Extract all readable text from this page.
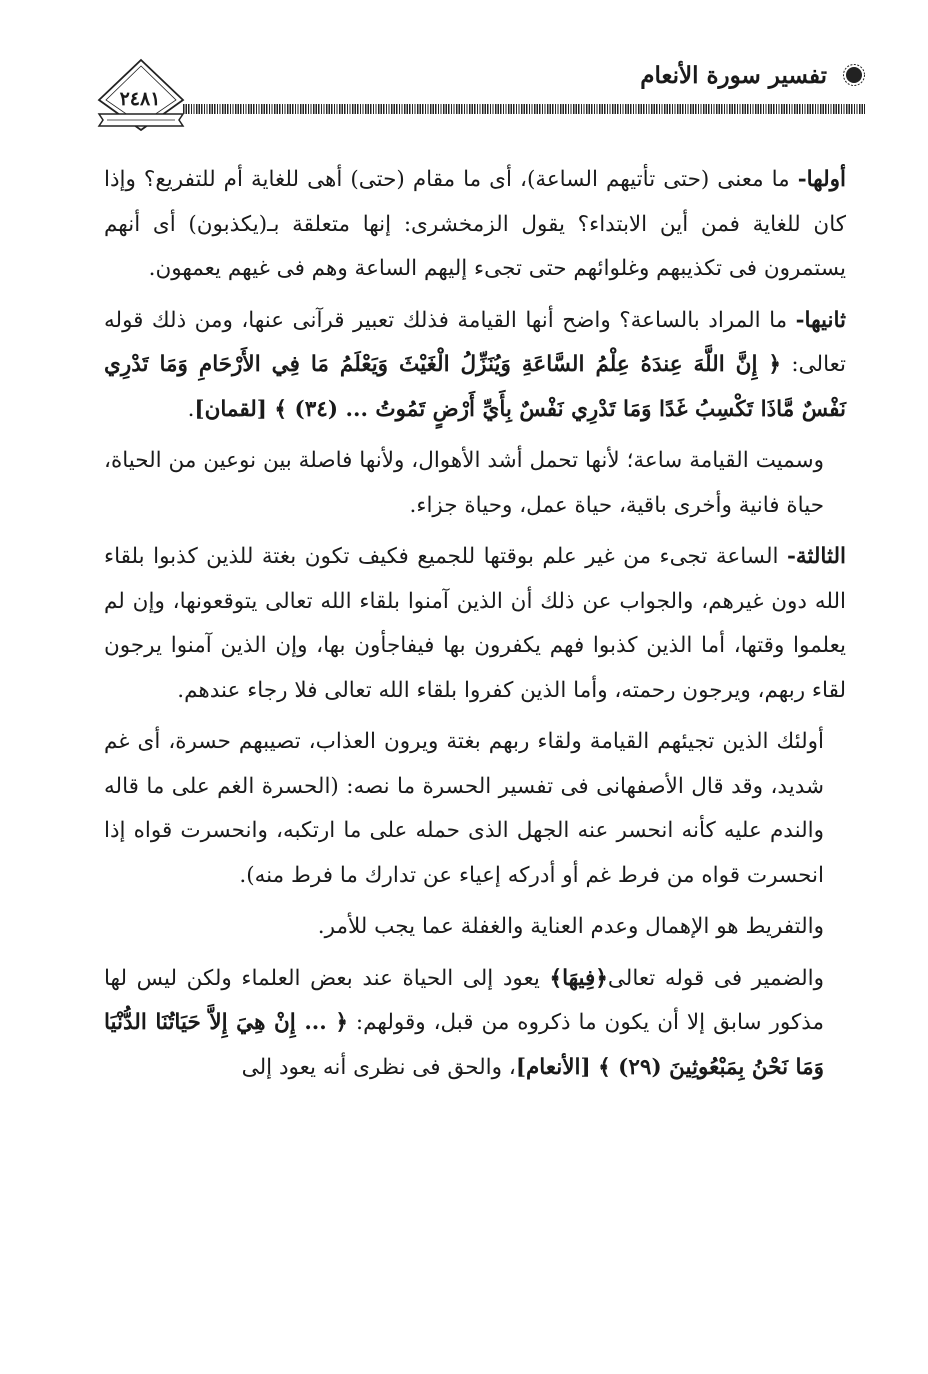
٢٤٨١
تفسير سورة الأنعام

أولها- ما معنى (حتى تأتيهم الساعة)، أى ما مقام (حتى) أهى للغاية أم للتفريع؟ وإذا كان للغاية فمن أين الابتداء؟ يقول الزمخشرى: إنها متعلقة بـ(يكذبون) أى أنهم يستمرون فى تكذيبهم وغلوائهم حتى تجىء إليهم الساعة وهم فى غيهم يعمهون.

ثانيها- ما المراد بالساعة؟ واضح أنها القيامة فذلك تعبير قرآنى عنها، ومن ذلك قوله تعالى: ﴿ إِنَّ اللَّهَ عِندَهُ عِلْمُ السَّاعَةِ وَيُنَزِّلُ الْغَيْثَ وَيَعْلَمُ مَا فِي الأَرْحَامِ وَمَا تَدْرِي نَفْسٌ مَّاذَا تَكْسِبُ غَدًا وَمَا تَدْرِي نَفْسٌ بِأَيِّ أَرْضٍ تَمُوتُ ... (٣٤) ﴾ [لقمان].

وسميت القيامة ساعة؛ لأنها تحمل أشد الأهوال، ولأنها فاصلة بين نوعين من الحياة، حياة فانية وأخرى باقية، حياة عمل، وحياة جزاء.

الثالثة- الساعة تجىء من غير علم بوقتها للجميع فكيف تكون بغتة للذين كذبوا بلقاء الله دون غيرهم، والجواب عن ذلك أن الذين آمنوا بلقاء الله تعالى يتوقعونها، وإن لم يعلموا وقتها، أما الذين كذبوا فهم يكفرون بها فيفاجأون بها، وإن الذين آمنوا يرجون لقاء ربهم، ويرجون رحمته، وأما الذين كفروا بلقاء الله تعالى فلا رجاء عندهم.

أولئك الذين تجيئهم القيامة ولقاء ربهم بغتة ويرون العذاب، تصيبهم حسرة، أى غم شديد، وقد قال الأصفهانى فى تفسير الحسرة ما نصه: (الحسرة الغم على ما قاله والندم عليه كأنه انحسر عنه الجهل الذى حمله على ما ارتكبه، وانحسرت قواه إذا انحسرت قواه من فرط غم أو أدركه إعياء عن تدارك ما فرط منه).

والتفريط هو الإهمال وعدم العناية والغفلة عما يجب للأمر.

والضمير فى قوله تعالى﴿فِيهَا﴾ يعود إلى الحياة عند بعض العلماء ولكن ليس لها مذكور سابق إلا أن يكون ما ذكروه من قبل، وقولهم: ﴿ ... إِنْ هِيَ إِلاَّ حَيَاتُنَا الدُّنْيَا وَمَا نَحْنُ بِمَبْعُوثِينَ (٢٩) ﴾ [الأنعام]، والحق فى نظرى أنه يعود إلى
